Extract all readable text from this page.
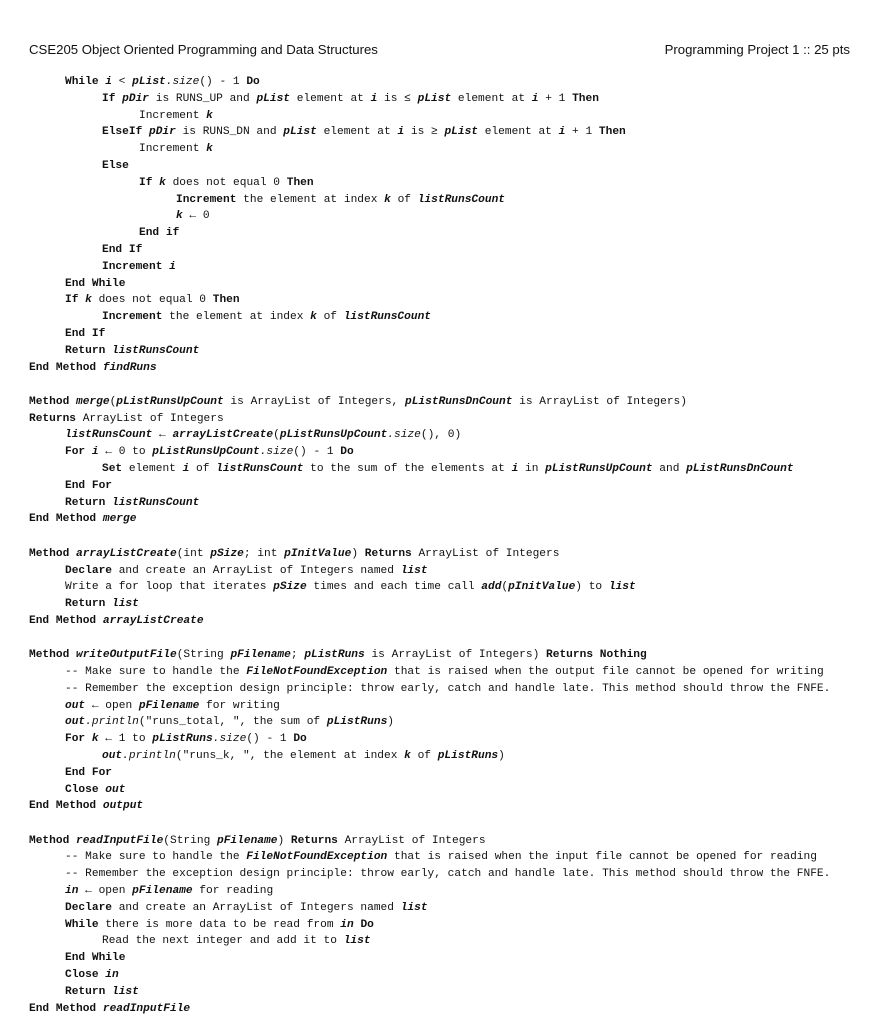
CSE205 Object Oriented Programming and Data Structures	Programming Project 1 :: 25 pts
While i < pList.size() - 1 Do
If pDir is RUNS_UP and pList element at i is ≤ pList element at i + 1 Then
Increment k
ElseIf pDir is RUNS_DN and pList element at i is ≥ pList element at i + 1 Then
Increment k
Else
If k does not equal 0 Then
Increment the element at index k of listRunsCount
k ← 0
End if
End If
Increment i
End While
If k does not equal 0 Then
Increment the element at index k of listRunsCount
End If
Return listRunsCount
End Method findRuns
Method merge(pListRunsUpCount is ArrayList of Integers, pListRunsDnCount is ArrayList of Integers)
Returns ArrayList of Integers
listRunsCount ← arrayListCreate(pListRunsUpCount.size(), 0)
For i ← 0 to pListRunsUpCount.size() - 1 Do
Set element i of listRunsCount to the sum of the elements at i in pListRunsUpCount and pListRunsDnCount
End For
Return listRunsCount
End Method merge
Method arrayListCreate(int pSize; int pInitValue) Returns ArrayList of Integers
Declare and create an ArrayList of Integers named list
Write a for loop that iterates pSize times and each time call add(pInitValue) to list
Return list
End Method arrayListCreate
Method writeOutputFile(String pFilename; pListRuns is ArrayList of Integers) Returns Nothing
-- Make sure to handle the FileNotFoundException that is raised when the output file cannot be opened for writing
-- Remember the exception design principle: throw early, catch and handle late. This method should throw the FNFE.
out ← open pFilename for writing
out.println("runs_total, ", the sum of pListRuns)
For k ← 1 to pListRuns.size() - 1 Do
out.println("runs_k, ", the element at index k of pListRuns)
End For
Close out
End Method output
Method readInputFile(String pFilename) Returns ArrayList of Integers
-- Make sure to handle the FileNotFoundException that is raised when the input file cannot be opened for reading
-- Remember the exception design principle: throw early, catch and handle late. This method should throw the FNFE.
in ← open pFilename for reading
Declare and create an ArrayList of Integers named list
While there is more data to be read from in Do
Read the next integer and add it to list
End While
Close in
Return list
End Method readInputFile
